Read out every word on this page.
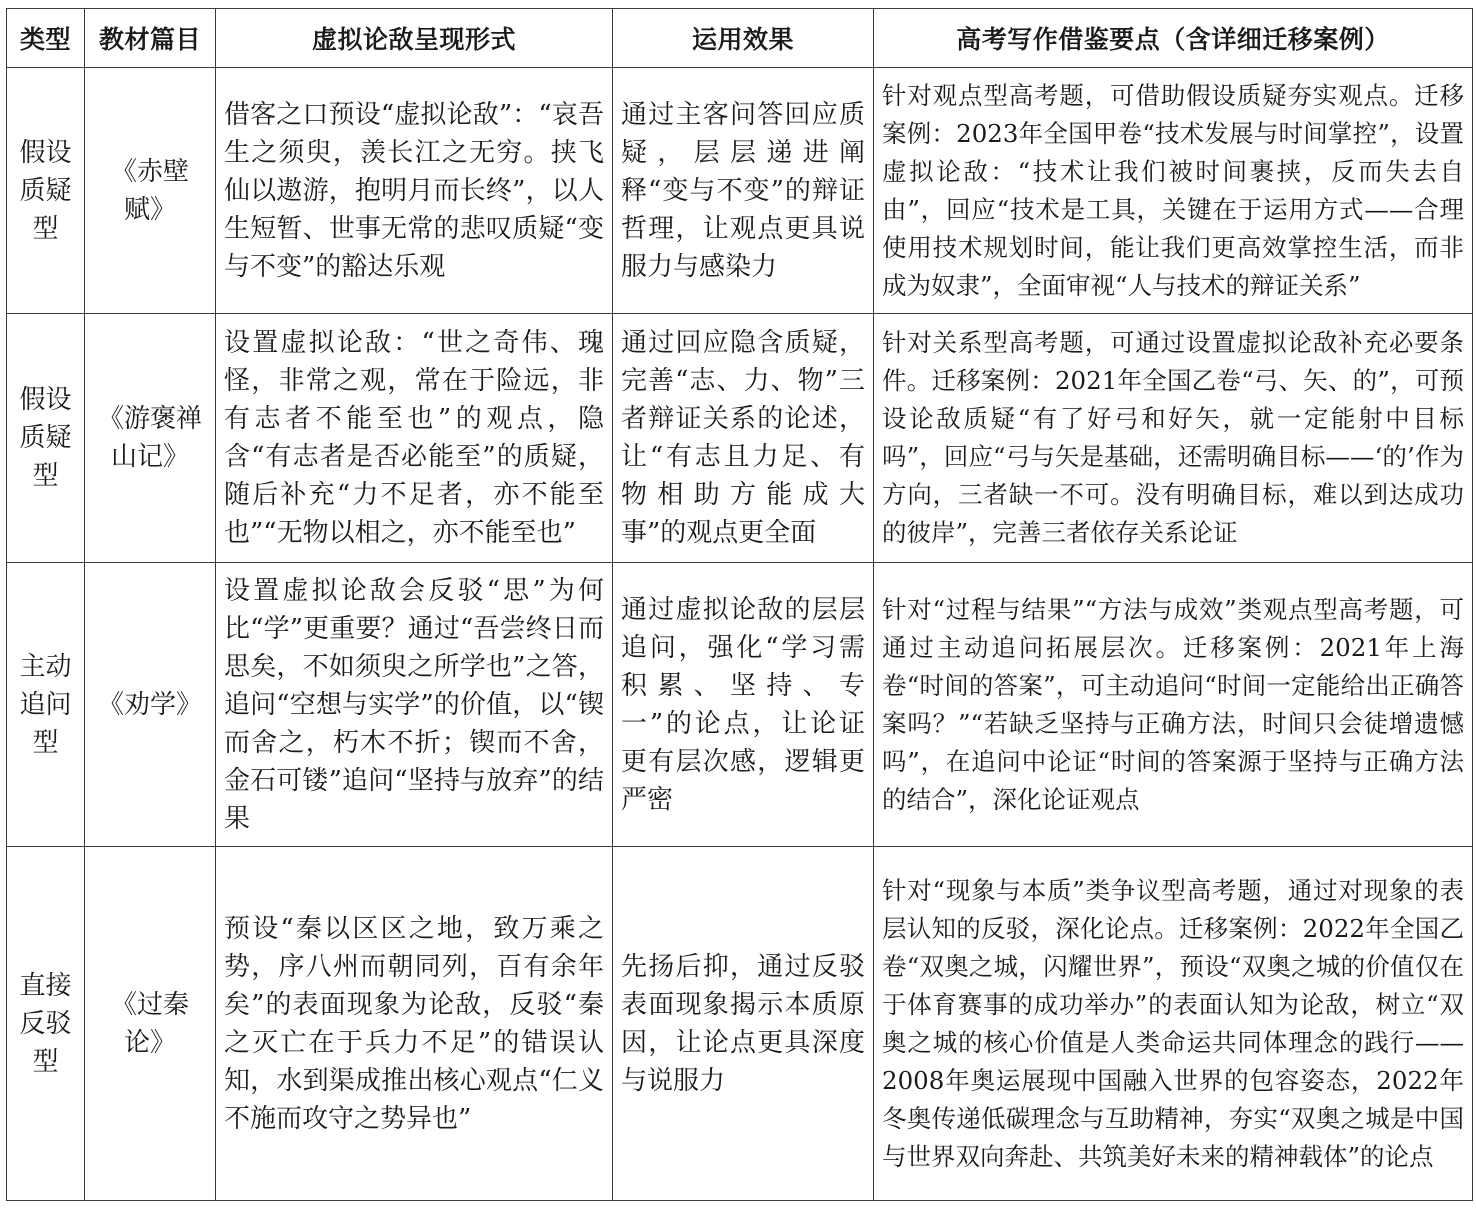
类型	教材篇目	虚拟论敌呈现形式	运用效果	高考写作借鉴要点（含详细迁移案例）
假设质疑型	《赤壁赋》	借客之口预设“虚拟论敌”：“哀吾生之须臾，羡长江之无穷。挟飞仙以遨游，抱明月而长终”，以人生短暂、世事无常的悲叹质疑“变与不变”的豁达乐观	通过主客问答回应质疑，层层递进阐释“变与不变”的辩证哲理，让观点更具说服力与感染力	针对观点型高考题，可借助假设质疑夯实观点。迁移案例：2023年全国甲卷“技术发展与时间掌控”，设置虚拟论敌：“技术让我们被时间裹挟，反而失去自由”，回应“技术是工具，关键在于运用方式——合理使用技术规划时间，能让我们更高效掌控生活，而非成为奴隶”，全面审视“人与技术的辩证关系”
假设质疑型	《游褒禅山记》	设置虚拟论敌：“世之奇伟、瑰怪，非常之观，常在于险远，非有志者不能至也”的观点，隐含“有志者是否必能至”的质疑，随后补充“力不足者，亦不能至也”“无物以相之，亦不能至也”	通过回应隐含质疑，完善“志、力、物”三者辩证关系的论述，让“有志且力足、有物相助方能成大事”的观点更全面	针对关系型高考题，可通过设置虚拟论敌补充必要条件。迁移案例：2021年全国乙卷“弓、矢、的”，可预设论敌质疑“有了好弓和好矢，就一定能射中目标吗”，回应“弓与矢是基础，还需明确目标——‘的’作为方向，三者缺一不可。没有明确目标，难以到达成功的彼岸”，完善三者依存关系论证
主动追问型	《劝学》	设置虚拟论敌会反驳“思”为何比“学”更重要？通过“吾尝终日而思矣，不如须臾之所学也”之答，追问“空想与实学”的价值，以“锲而舍之，朽木不折；锲而不舍，金石可镂”追问“坚持与放弃”的结果	通过虚拟论敌的层层追问，强化“学习需积累、坚持、专一”的论点，让论证更有层次感，逻辑更严密	针对“过程与结果”“方法与成效”类观点型高考题，可通过主动追问拓展层次。迁移案例：2021年上海卷“时间的答案”，可主动追问“时间一定能给出正确答案吗？”“若缺乏坚持与正确方法，时间只会徒增遗憾吗”，在追问中论证“时间的答案源于坚持与正确方法的结合”，深化论证观点
直接反驳型	《过秦论》	预设“秦以区区之地，致万乘之势，序八州而朝同列，百有余年矣”的表面现象为论敌，反驳“秦之灭亡在于兵力不足”的错误认知，水到渠成推出核心观点“仁义不施而攻守之势异也”	先扬后抑，通过反驳表面现象揭示本质原因，让论点更具深度与说服力	针对“现象与本质”类争议型高考题，通过对现象的表层认知的反驳，深化论点。迁移案例：2022年全国乙卷“双奥之城，闪耀世界”，预设“双奥之城的价值仅在于体育赛事的成功举办”的表面认知为论敌，树立“双奥之城的核心价值是人类命运共同体理念的践行——2008年奥运展现中国融入世界的包容姿态，2022年冬奥传递低碳理念与互助精神，夯实“双奥之城是中国与世界双向奔赴、共筑美好未来的精神载体”的论点
